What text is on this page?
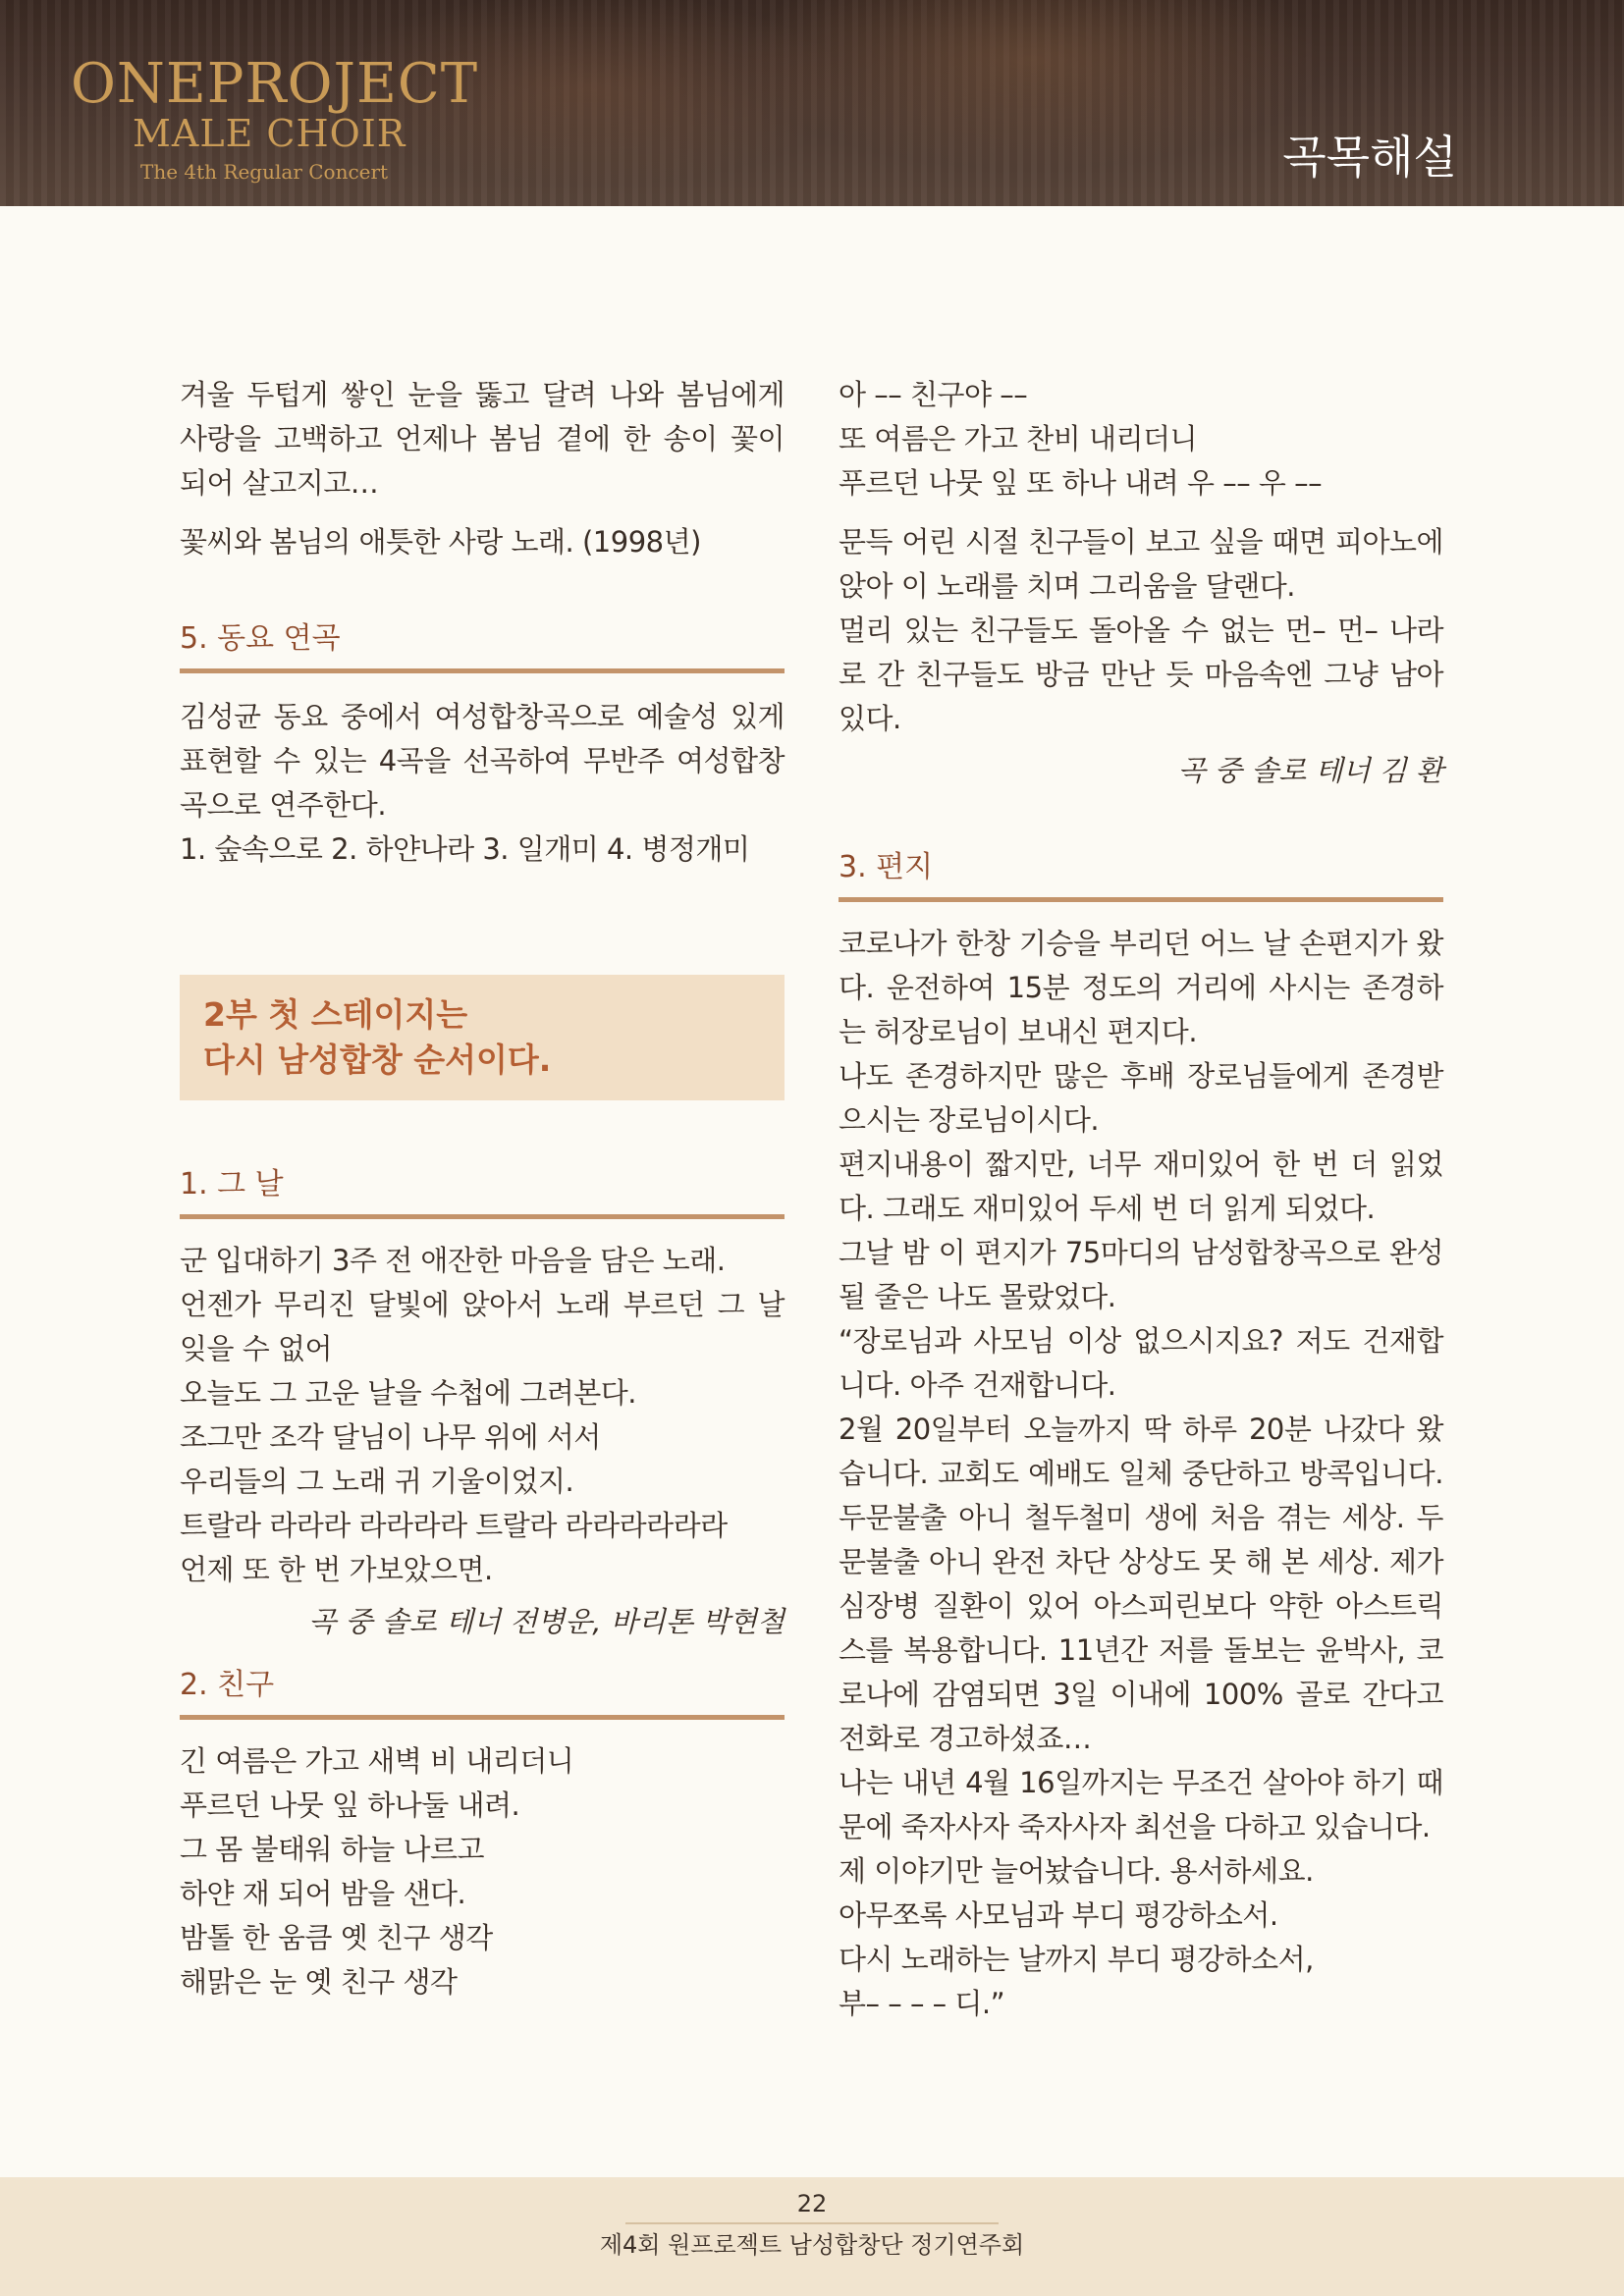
ONEPROJECT
MALE CHOIR
The 4th Regular Concert	곡목해설

겨울 두텁게 쌓인 눈을 뚫고 달려 나와 봄님에게 사랑을 고백하고 언제나 봄님 곁에 한 송이 꽃이 되어 살고지고…

꽃씨와 봄님의 애틋한 사랑 노래. (1998년)

5. 동요 연곡

김성균 동요 중에서 여성합창곡으로 예술성 있게 표현할 수 있는 4곡을 선곡하여 무반주 여성합창곡으로 연주한다.

1. 숲속으로 2. 하얀나라 3. 일개미 4. 병정개미

2부 첫 스테이지는
다시 남성합창 순서이다.
1. 그 날

군 입대하기 3주 전 애잔한 마음을 담은 노래.

언젠가 무리진 달빛에 앉아서 노래 부르던 그 날 잊을 수 없어

오늘도 그 고운 날을 수첩에 그려본다.

조그만 조각 달님이 나무 위에 서서

우리들의 그 노래 귀 기울이었지.

트랄라 라라라 라라라라 트랄라 라라라라라라

언제 또 한 번 가보았으면.

곡 중 솔로 테너 전병운, 바리톤 박현철

2. 친구

긴 여름은 가고 새벽 비 내리더니

푸르던 나뭇 잎 하나둘 내려.

그 몸 불태워 하늘 나르고

하얀 재 되어 밤을 샌다.

밤톨 한 움큼 옛 친구 생각

해맑은 눈 옛 친구 생각

아 –– 친구야 ––

또 여름은 가고 찬비 내리더니

푸르던 나뭇 잎 또 하나 내려 우 –– 우 ––

문득 어린 시절 친구들이 보고 싶을 때면 피아노에 앉아 이 노래를 치며 그리움을 달랜다.

멀리 있는 친구들도 돌아올 수 없는 먼– 먼– 나라로 간 친구들도 방금 만난 듯 마음속엔 그냥 남아있다.

곡 중 솔로 테너 김 환

3. 편지

코로나가 한창 기승을 부리던 어느 날 손편지가 왔다. 운전하여 15분 정도의 거리에 사시는 존경하는 허장로님이 보내신 편지다.

나도 존경하지만 많은 후배 장로님들에게 존경받으시는 장로님이시다.

편지내용이 짧지만, 너무 재미있어 한 번 더 읽었다. 그래도 재미있어 두세 번 더 읽게 되었다.

그날 밤 이 편지가 75마디의 남성합창곡으로 완성될 줄은 나도 몰랐었다.

“장로님과 사모님 이상 없으시지요? 저도 건재합니다. 아주 건재합니다.

2월 20일부터 오늘까지 딱 하루 20분 나갔다 왔습니다. 교회도 예배도 일체 중단하고 방콕입니다. 두문불출 아니 철두철미 생에 처음 겪는 세상. 두문불출 아니 완전 차단 상상도 못 해 본 세상. 제가 심장병 질환이 있어 아스피린보다 약한 아스트릭스를 복용합니다. 11년간 저를 돌보는 윤박사, 코로나에 감염되면 3일 이내에 100% 골로 간다고 전화로 경고하셨죠…

나는 내년 4월 16일까지는 무조건 살아야 하기 때문에 죽자사자 죽자사자 최선을 다하고 있습니다.

제 이야기만 늘어놨습니다. 용서하세요.

아무쪼록 사모님과 부디 평강하소서.

다시 노래하는 날까지 부디 평강하소서,

부– – – – 디.”

22
제4회 원프로젝트 남성합창단 정기연주회
